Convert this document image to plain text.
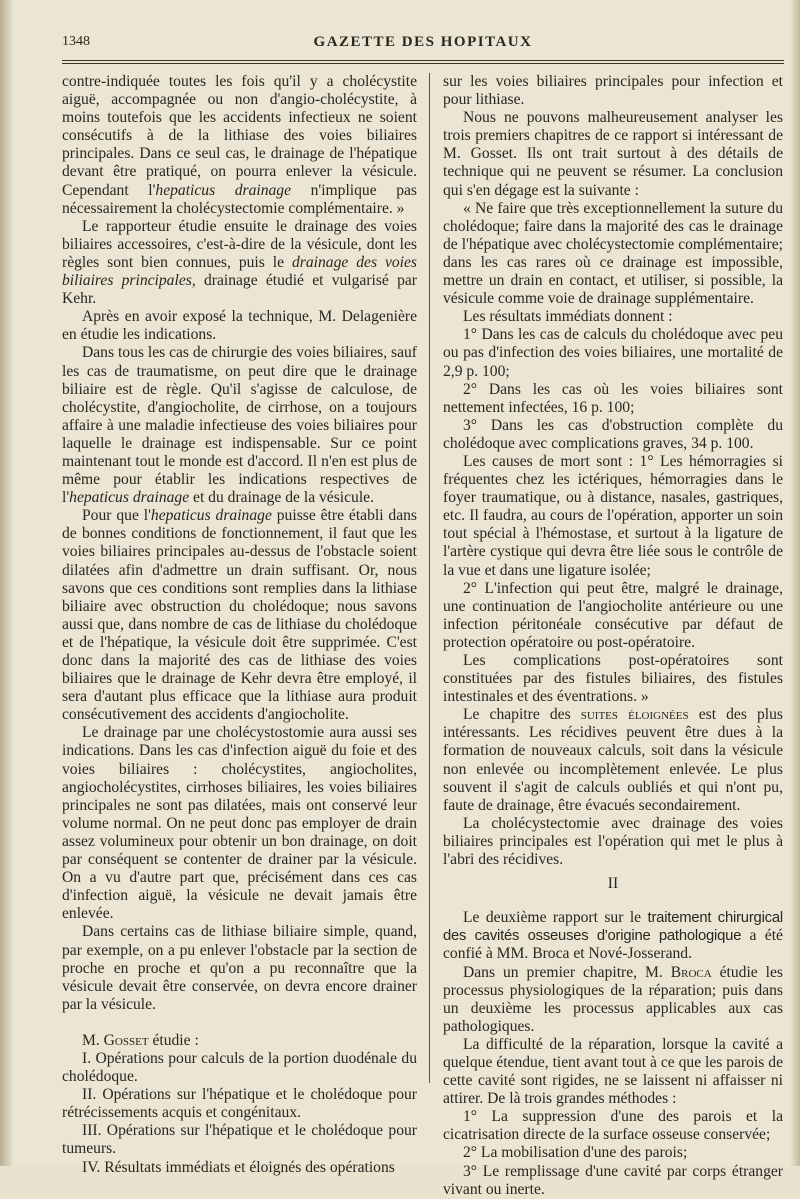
1348	GAZETTE DES HOPITAUX

contre-indiquée toutes les fois qu'il y a cholécystite aiguë, accompagnée ou non d'angio-cholécystite, à moins toutefois que les accidents infectieux ne soient consécutifs à de la lithiase des voies biliaires principales. Dans ce seul cas, le drainage de l'hépatique devant être pratiqué, on pourra enlever la vésicule. Cependant l'hepaticus drainage n'implique pas nécessairement la cholécystectomie complémentaire. »

Le rapporteur étudie ensuite le drainage des voies biliaires accessoires, c'est-à-dire de la vésicule, dont les règles sont bien connues, puis le drainage des voies biliaires principales, drainage étudié et vulgarisé par Kehr.

Après en avoir exposé la technique, M. Delagenière en étudie les indications.

Dans tous les cas de chirurgie des voies biliaires, sauf les cas de traumatisme, on peut dire que le drainage biliaire est de règle. Qu'il s'agisse de calculose, de cholécystite, d'angiocholite, de cirrhose, on a toujours affaire à une maladie infectieuse des voies biliaires pour laquelle le drainage est indispensable. Sur ce point maintenant tout le monde est d'accord. Il n'en est plus de même pour établir les indications respectives de l'hepaticus drainage et du drainage de la vésicule.

Pour que l'hepaticus drainage puisse être établi dans de bonnes conditions de fonctionnement, il faut que les voies biliaires principales au-dessus de l'obstacle soient dilatées afin d'admettre un drain suffisant. Or, nous savons que ces conditions sont remplies dans la lithiase biliaire avec obstruction du cholédoque; nous savons aussi que, dans nombre de cas de lithiase du cholédoque et de l'hépatique, la vésicule doit être supprimée. C'est donc dans la majorité des cas de lithiase des voies biliaires que le drainage de Kehr devra être employé, il sera d'autant plus efficace que la lithiase aura produit consécutivement des accidents d'angiocholite.

Le drainage par une cholécystostomie aura aussi ses indications. Dans les cas d'infection aiguë du foie et des voies biliaires : cholécystites, angiocholites, angiocholécystites, cirrhoses biliaires, les voies biliaires principales ne sont pas dilatées, mais ont conservé leur volume normal. On ne peut donc pas employer de drain assez volumineux pour obtenir un bon drainage, on doit par conséquent se contenter de drainer par la vésicule. On a vu d'autre part que, précisément dans ces cas d'infection aiguë, la vésicule ne devait jamais être enlevée.

Dans certains cas de lithiase biliaire simple, quand, par exemple, on a pu enlever l'obstacle par la section de proche en proche et qu'on a pu reconnaître que la vésicule devait être conservée, on devra encore drainer par la vésicule.

M. Gosset étudie :

I. Opérations pour calculs de la portion duodénale du cholédoque.

II. Opérations sur l'hépatique et le cholédoque pour rétrécissements acquis et congénitaux.

III. Opérations sur l'hépatique et le cholédoque pour tumeurs.

IV. Résultats immédiats et éloignés des opérations

sur les voies biliaires principales pour infection et pour lithiase.

Nous ne pouvons malheureusement analyser les trois premiers chapitres de ce rapport si intéressant de M. Gosset. Ils ont trait surtout à des détails de technique qui ne peuvent se résumer. La conclusion qui s'en dégage est la suivante :

« Ne faire que très exceptionnellement la suture du cholédoque; faire dans la majorité des cas le drainage de l'hépatique avec cholécystectomie complémentaire; dans les cas rares où ce drainage est impossible, mettre un drain en contact, et utiliser, si possible, la vésicule comme voie de drainage supplémentaire.

Les résultats immédiats donnent :

1° Dans les cas de calculs du cholédoque avec peu ou pas d'infection des voies biliaires, une mortalité de 2,9 p. 100;

2° Dans les cas où les voies biliaires sont nettement infectées, 16 p. 100;

3° Dans les cas d'obstruction complète du cholédoque avec complications graves, 34 p. 100.

Les causes de mort sont : 1° Les hémorragies si fréquentes chez les ictériques, hémorragies dans le foyer traumatique, ou à distance, nasales, gastriques, etc. Il faudra, au cours de l'opération, apporter un soin tout spécial à l'hémostase, et surtout à la ligature de l'artère cystique qui devra être liée sous le contrôle de la vue et dans une ligature isolée;

2° L'infection qui peut être, malgré le drainage, une continuation de l'angiocholite antérieure ou une infection péritonéale consécutive par défaut de protection opératoire ou post-opératoire.

Les complications post-opératoires sont constituées par des fistules biliaires, des fistules intestinales et des éventrations. »

Le chapitre des suites éloignées est des plus intéressants. Les récidives peuvent être dues à la formation de nouveaux calculs, soit dans la vésicule non enlevée ou incomplètement enlevée. Le plus souvent il s'agit de calculs oubliés et qui n'ont pu, faute de drainage, être évacués secondairement.

La cholécystectomie avec drainage des voies biliaires principales est l'opération qui met le plus à l'abri des récidives.

II

Le deuxième rapport sur le traitement chirurgical des cavités osseuses d'origine pathologique a été confié à MM. Broca et Nové-Josserand.

Dans un premier chapitre, M. Broca étudie les processus physiologiques de la réparation; puis dans un deuxième les processus applicables aux cas pathologiques.

La difficulté de la réparation, lorsque la cavité a quelque étendue, tient avant tout à ce que les parois de cette cavité sont rigides, ne se laissent ni affaisser ni attirer. De là trois grandes méthodes :

1° La suppression d'une des parois et la cicatrisation directe de la surface osseuse conservée;

2° La mobilisation d'une des parois;

3° Le remplissage d'une cavité par corps étranger vivant ou inerte.
